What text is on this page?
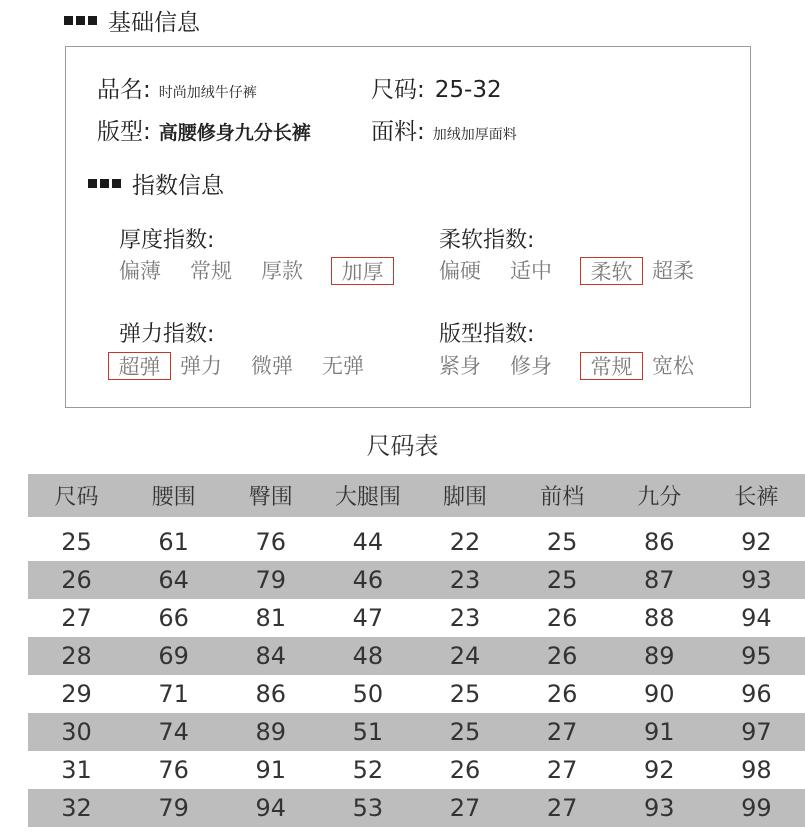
基础信息
品名: 时尚加绒牛仔裤	尺码: 25-32
版型: 高腰修身九分长裤	面料: 加绒加厚面料
指数信息
厚度指数:
偏薄	常规	厚款	加厚
柔软指数:
偏硬	适中	柔软 超柔
弹力指数:
超弹 弹力	微弹	无弹
版型指数:
紧身	修身	常规 宽松
尺码表
尺码	腰围	臀围	大腿围	脚围	前档	九分	长裤
25	61	76	44	22	25	86	92
26	64	79	46	23	25	87	93
27	66	81	47	23	26	88	94
28	69	84	48	24	26	89	95
29	71	86	50	25	26	90	96
30	74	89	51	25	27	91	97
31	76	91	52	26	27	92	98
32	79	94	53	27	27	93	99
